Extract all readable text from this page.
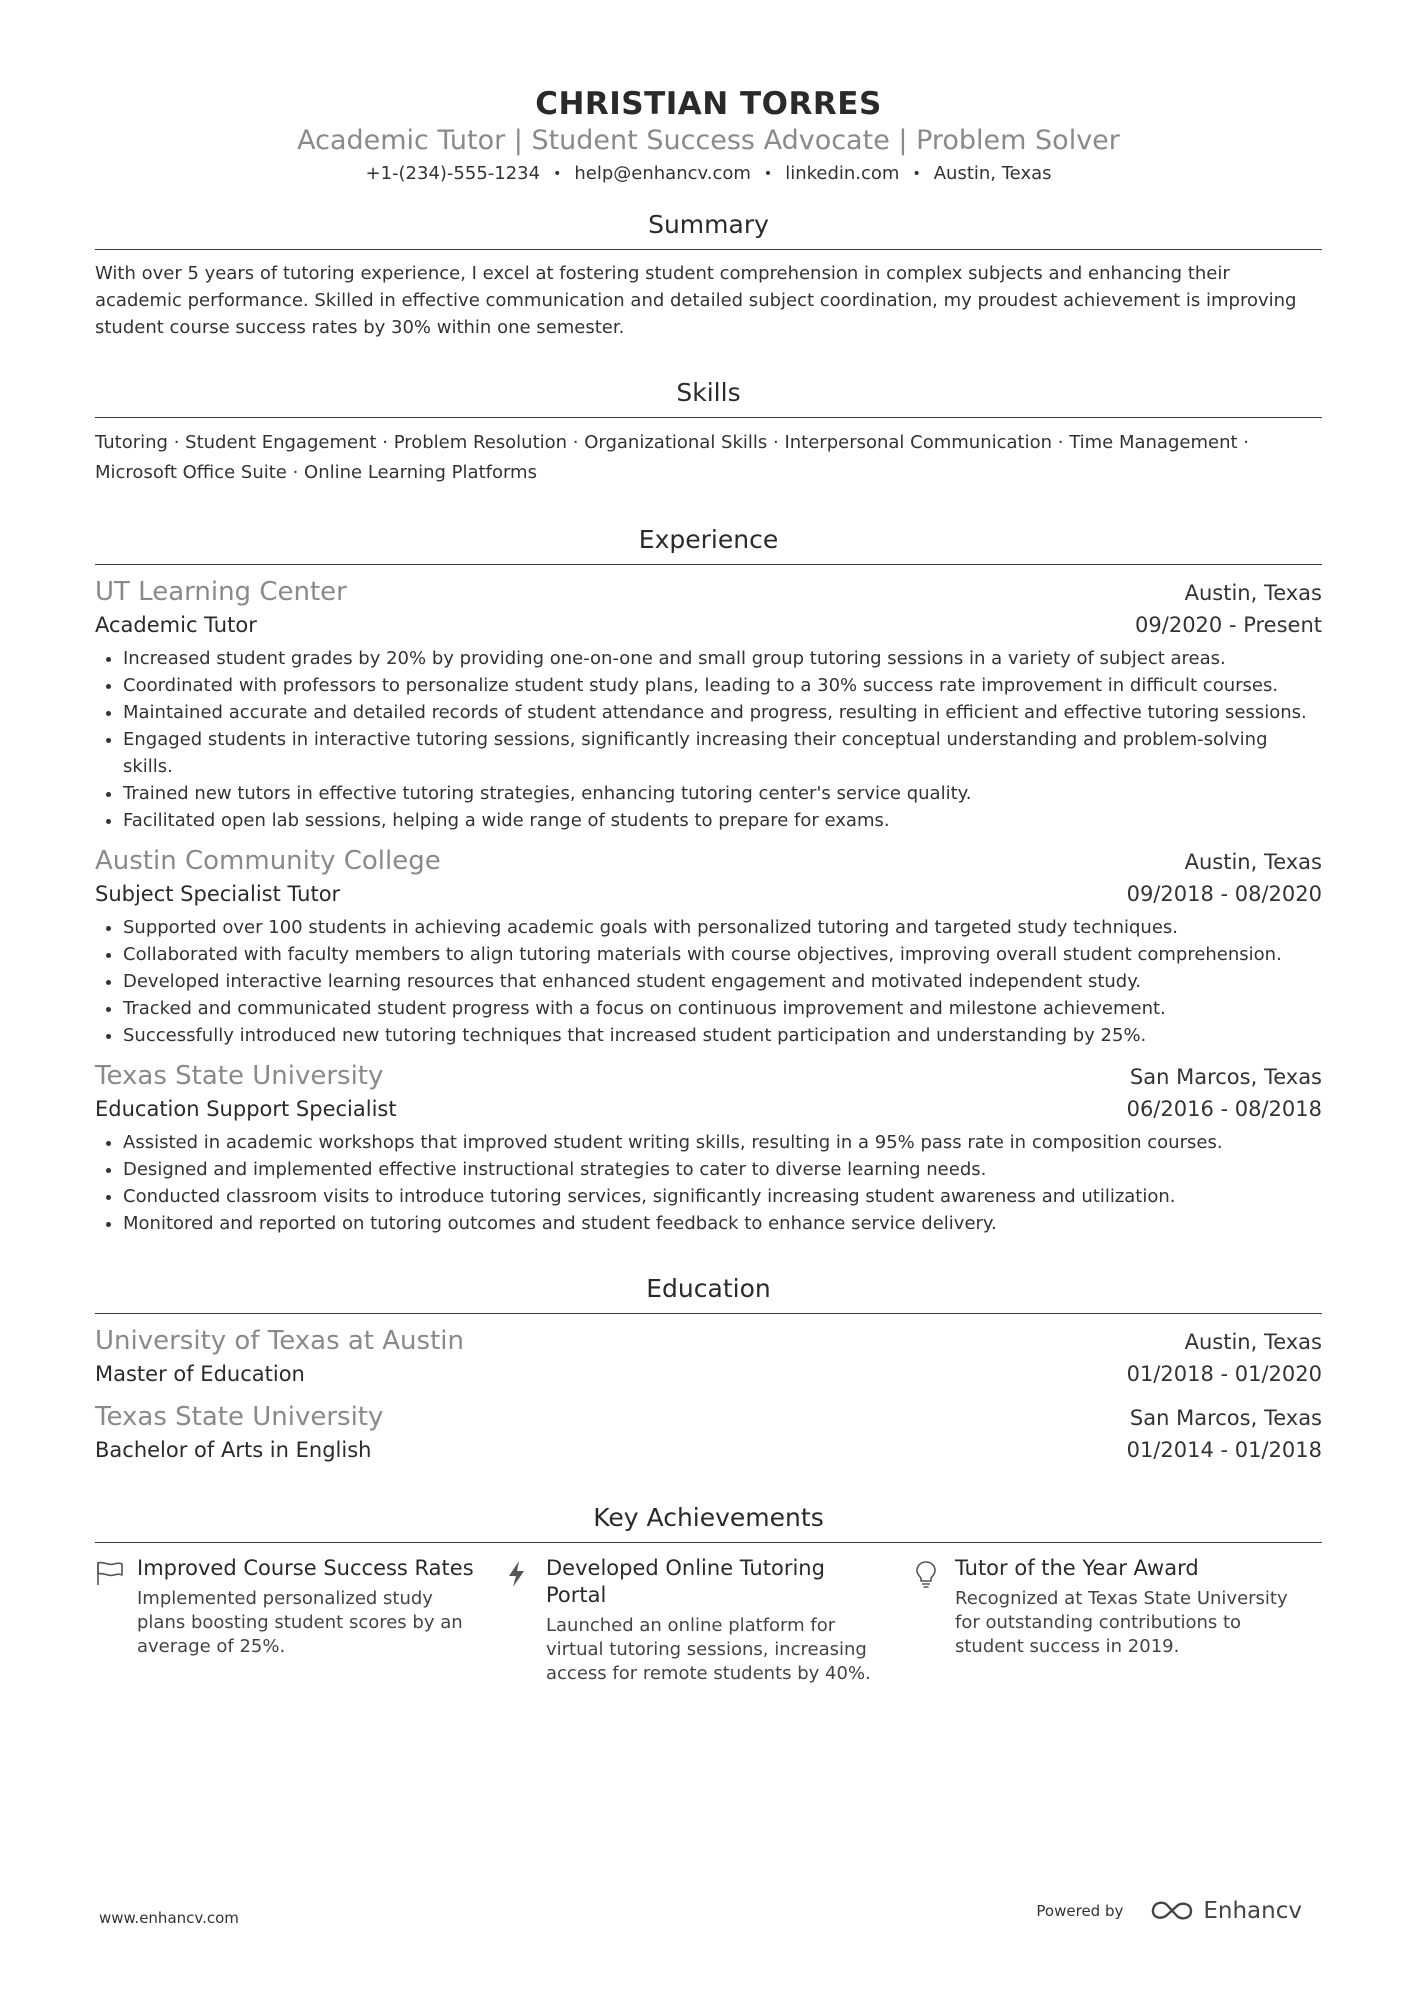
CHRISTIAN TORRES
Academic Tutor | Student Success Advocate | Problem Solver
+1-(234)-555-1234 • help@enhancv.com • linkedin.com • Austin, Texas
Summary
With over 5 years of tutoring experience, I excel at fostering student comprehension in complex subjects and enhancing their academic performance. Skilled in effective communication and detailed subject coordination, my proudest achievement is improving student course success rates by 30% within one semester.
Skills
Tutoring · Student Engagement · Problem Resolution · Organizational Skills · Interpersonal Communication · Time Management · Microsoft Office Suite · Online Learning Platforms
Experience
UT Learning Center	Austin, Texas
Academic Tutor	09/2020 - Present
• Increased student grades by 20% by providing one-on-one and small group tutoring sessions in a variety of subject areas.
• Coordinated with professors to personalize student study plans, leading to a 30% success rate improvement in difficult courses.
• Maintained accurate and detailed records of student attendance and progress, resulting in efficient and effective tutoring sessions.
• Engaged students in interactive tutoring sessions, significantly increasing their conceptual understanding and problem-solving skills.
• Trained new tutors in effective tutoring strategies, enhancing tutoring center's service quality.
• Facilitated open lab sessions, helping a wide range of students to prepare for exams.
Austin Community College	Austin, Texas
Subject Specialist Tutor	09/2018 - 08/2020
• Supported over 100 students in achieving academic goals with personalized tutoring and targeted study techniques.
• Collaborated with faculty members to align tutoring materials with course objectives, improving overall student comprehension.
• Developed interactive learning resources that enhanced student engagement and motivated independent study.
• Tracked and communicated student progress with a focus on continuous improvement and milestone achievement.
• Successfully introduced new tutoring techniques that increased student participation and understanding by 25%.
Texas State University	San Marcos, Texas
Education Support Specialist	06/2016 - 08/2018
• Assisted in academic workshops that improved student writing skills, resulting in a 95% pass rate in composition courses.
• Designed and implemented effective instructional strategies to cater to diverse learning needs.
• Conducted classroom visits to introduce tutoring services, significantly increasing student awareness and utilization.
• Monitored and reported on tutoring outcomes and student feedback to enhance service delivery.
Education
University of Texas at Austin	Austin, Texas
Master of Education	01/2018 - 01/2020
Texas State University	San Marcos, Texas
Bachelor of Arts in English	01/2014 - 01/2018
Key Achievements
Improved Course Success Rates
Implemented personalized study plans boosting student scores by an average of 25%.
Developed Online Tutoring Portal
Launched an online platform for virtual tutoring sessions, increasing access for remote students by 40%.
Tutor of the Year Award
Recognized at Texas State University for outstanding contributions to student success in 2019.
www.enhancv.com	Powered by	Enhancv
